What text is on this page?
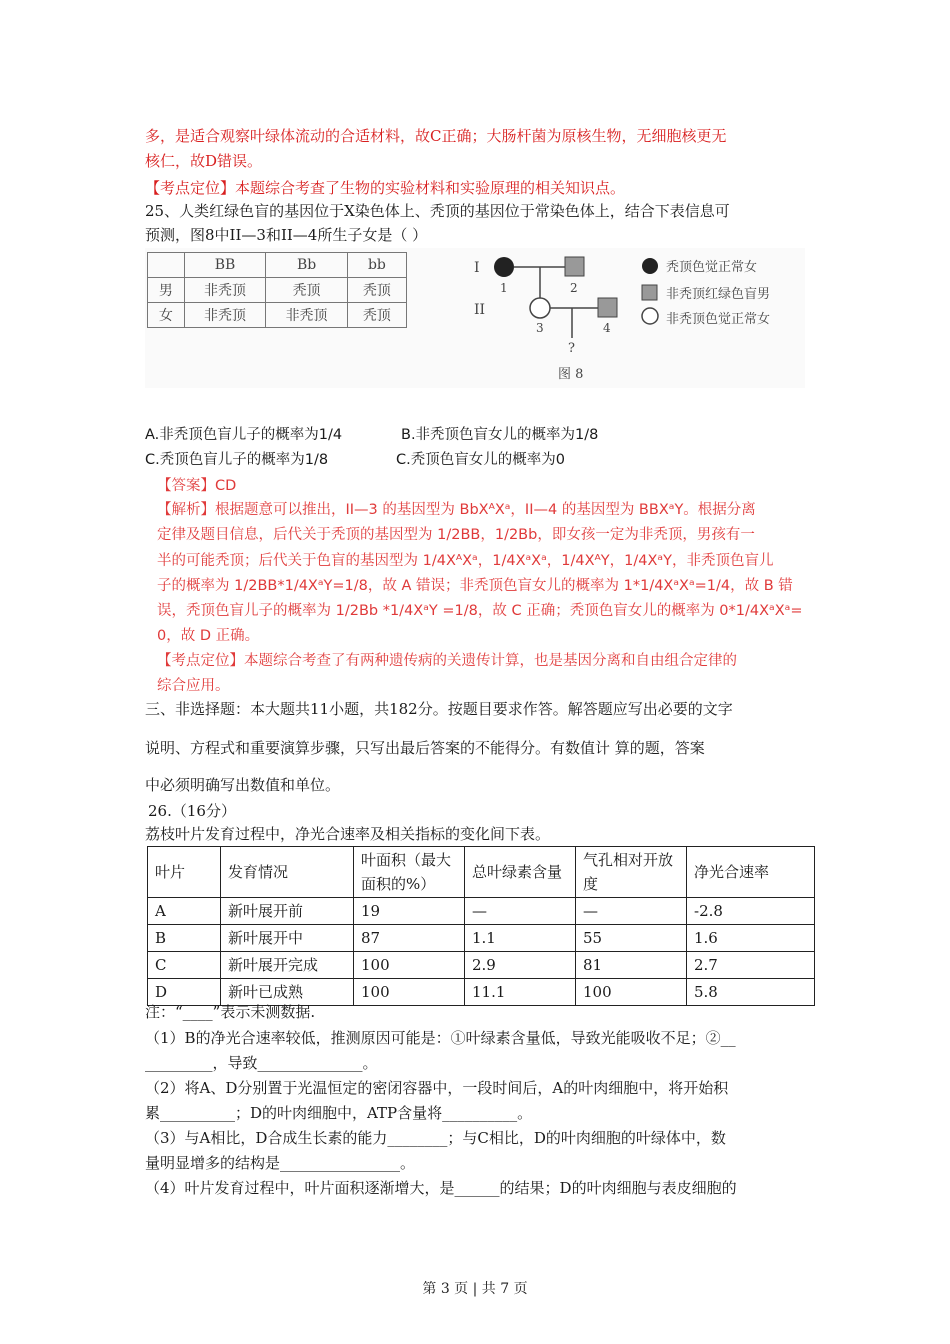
多，是适合观察叶绿体流动的合适材料，故C正确；大肠杆菌为原核生物，无细胞核更无
核仁，故D错误。
【考点定位】本题综合考查了生物的实验材料和实验原理的相关知识点。
25、人类红绿色盲的基因位于X染色体上、秃顶的基因位于常染色体上，结合下表信息可
预测，图8中II—3和II—4所生子女是（ ）
	BB	Bb	bb
男	非秃顶	秃顶	秃顶
女	非秃顶	非秃顶	秃顶
I
II
1	2
3	4
?
图 8
秃顶色觉正常女
非秃顶红绿色盲男
非秃顶色觉正常女
A.非秃顶色盲儿子的概率为1/4	B.非秃顶色盲女儿的概率为1/8
C.秃顶色盲儿子的概率为1/8	C.秃顶色盲女儿的概率为0
【答案】CD
【解析】根据题意可以推出，II—3 的基因型为 BbXᴬXᵃ，II—4 的基因型为 BBXᵃY。根据分离
定律及题目信息，后代关于秃顶的基因型为 1/2BB，1/2Bb，即女孩一定为非秃顶，男孩有一
半的可能秃顶；后代关于色盲的基因型为 1/4XᴬXᵃ，1/4XᵃXᵃ，1/4XᴬY，1/4XᵃY，非秃顶色盲儿
子的概率为 1/2BB*1/4XᵃY=1/8，故 A 错误；非秃顶色盲女儿的概率为 1*1/4XᵃXᵃ=1/4，故 B 错
误，秃顶色盲儿子的概率为 1/2Bb *1/4XᵃY =1/8，故 C 正确；秃顶色盲女儿的概率为 0*1/4XᵃXᵃ=
0，故 D 正确。
【考点定位】本题综合考查了有两种遗传病的关遗传计算，也是基因分离和自由组合定律的
综合应用。
三、非选择题：本大题共11小题，共182分。按题目要求作答。解答题应写出必要的文字
说明、方程式和重要演算步骤，只写出最后答案的不能得分。有数值计 算的题，答案
中必须明确写出数值和单位。
26.（16分）
荔枝叶片发育过程中，净光合速率及相关指标的变化间下表。
叶片	发育情况	叶面积（最大面积的%）	总叶绿素含量	气孔相对开放度	净光合速率
A	新叶展开前	19	—	—	-2.8
B	新叶展开中	87	1.1	55	1.6
C	新叶展开完成	100	2.9	81	2.7
D	新叶已成熟	100	11.1	100	5.8
注：“____”表示未测数据.
（1）B的净光合速率较低，推测原因可能是：①叶绿素含量低，导致光能吸收不足；②__
_________，导致______________。
（2）将A、D分别置于光温恒定的密闭容器中，一段时间后，A的叶肉细胞中，将开始积
累__________；D的叶肉细胞中，ATP含量将__________。
（3）与A相比，D合成生长素的能力________；与C相比，D的叶肉细胞的叶绿体中，数
量明显增多的结构是________________。
（4）叶片发育过程中，叶片面积逐渐增大，是______的结果；D的叶肉细胞与表皮细胞的
第 3 页 | 共 7 页
